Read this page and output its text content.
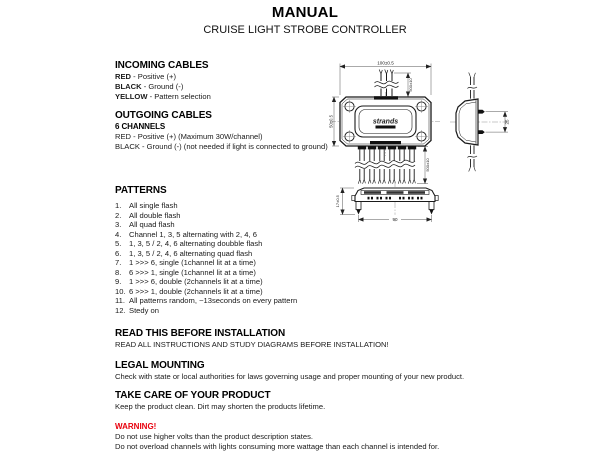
MANUAL
CRUISE LIGHT STROBE CONTROLLER
INCOMING CABLES
RED - Positive (+)
BLACK - Ground (-)
YELLOW - Pattern selection
OUTGOING CABLES
6 CHANNELS
RED - Positive (+) (Maximum 30W/channel)
BLACK - Ground (-) (not needed if light is connected to ground)
PATTERNS
1.	All single flash
2.	All double flash
3.	All quad flash
4.	Channel 1, 3, 5 alternating with 2, 4, 6
5.	1, 3, 5 / 2, 4, 6 alternating doubble flash
6.	1, 3, 5 / 2, 4, 6 alternating quad flash
7.	1 >>> 6, single (1channel lit at a time)
8.	6 >>> 1, single (1channel lit at a time)
9.	1 >>> 6, double (2channels lit at a time)
10. 6 >>> 1, double (2channels lit at a time)
11. All patterns random, ~13seconds on every pattern
12. Stedy on
READ THIS BEFORE INSTALLATION
READ ALL INSTRUCTIONS AND STUDY DIAGRAMS BEFORE INSTALLATION!
LEGAL MOUNTING
Check with state or local authorities for laws governing usage and proper mounting of your new product.
TAKE CARE OF YOUR PRODUCT
Keep the product clean. Dirt may shorten the products lifetime.
WARNING!
Do not use higher volts than the product description states.
Do not overload channels with lights consuming more wattage than each channel is intended for.
strands
100±0.5
50±0.5
500±10
500±10
25
17±0.5
90
